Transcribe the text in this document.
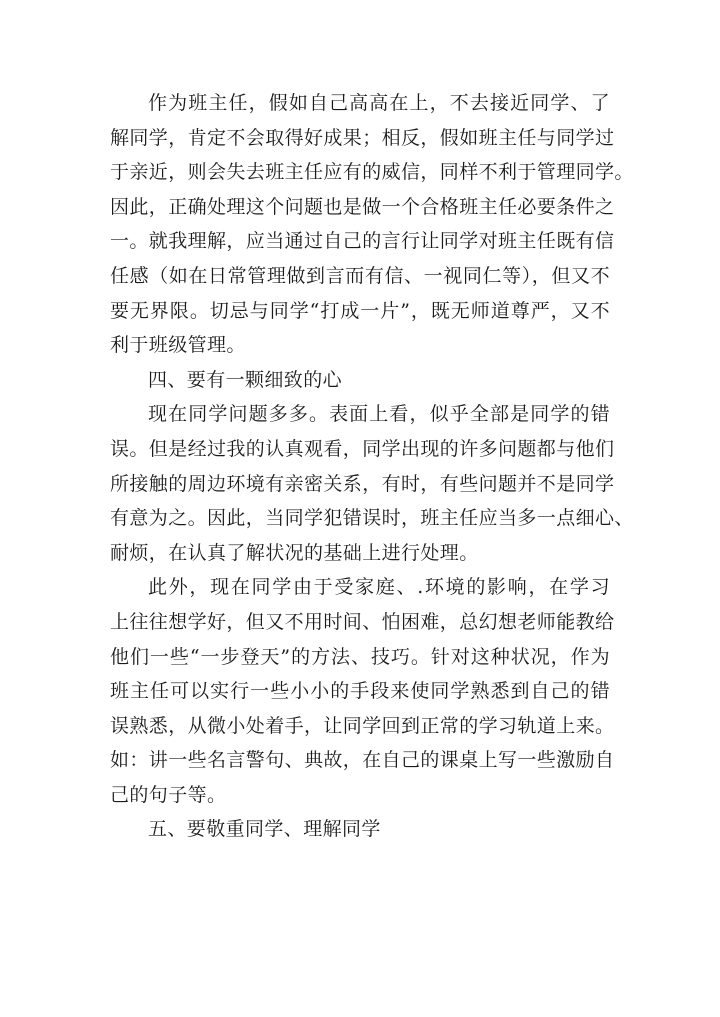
作为班主任，假如自己高高在上，不去接近同学、了
解同学，肯定不会取得好成果；相反，假如班主任与同学过
于亲近，则会失去班主任应有的威信，同样不利于管理同学。
因此，正确处理这个问题也是做一个合格班主任必要条件之
一。就我理解，应当通过自己的言行让同学对班主任既有信
任感（如在日常管理做到言而有信、一视同仁等），但又不
要无界限。切忌与同学“打成一片”，既无师道尊严，又不
利于班级管理。

四、要有一颗细致的心

现在同学问题多多。表面上看，似乎全部是同学的错
误。但是经过我的认真观看，同学出现的许多问题都与他们
所接触的周边环境有亲密关系，有时，有些问题并不是同学
有意为之。因此，当同学犯错误时，班主任应当多一点细心、
耐烦，在认真了解状况的基础上进行处理。

此外，现在同学由于受家庭、.环境的影响，在学习
上往往想学好，但又不用时间、怕困难，总幻想老师能教给
他们一些“一步登天”的方法、技巧。针对这种状况，作为
班主任可以实行一些小小的手段来使同学熟悉到自己的错
误熟悉，从微小处着手，让同学回到正常的学习轨道上来。
如：讲一些名言警句、典故，在自己的课桌上写一些激励自
己的句子等。

五、要敬重同学、理解同学
